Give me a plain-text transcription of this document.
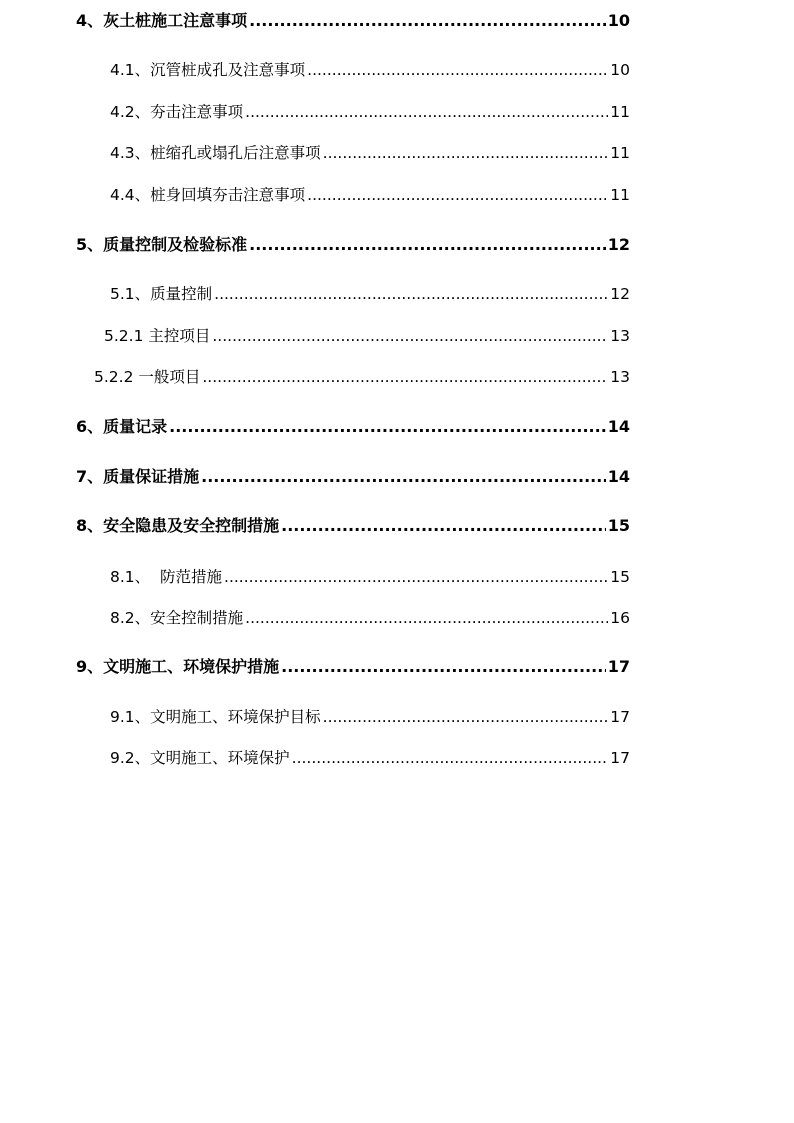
4、灰土桩施工注意事项 .....	10
4.1、沉管桩成孔及注意事项 .....	10
4.2、夯击注意事项 .....	11
4.3、桩缩孔或塌孔后注意事项 .....	11
4.4、桩身回填夯击注意事项 .....	11
5、质量控制及检验标准 .....	12
5.1、质量控制 .....	12
5.2.1 主控项目 .....	13
5.2.2 一般项目 .....	13
6、质量记录 .....	14
7、质量保证措施 .....	14
8、安全隐患及安全控制措施 .....	15
8.1、  防范措施 .....	15
8.2、安全控制措施 .....	16
9、文明施工、环境保护措施 .....	17
9.1、文明施工、环境保护目标 .....	17
9.2、文明施工、环境保护 .....	17
